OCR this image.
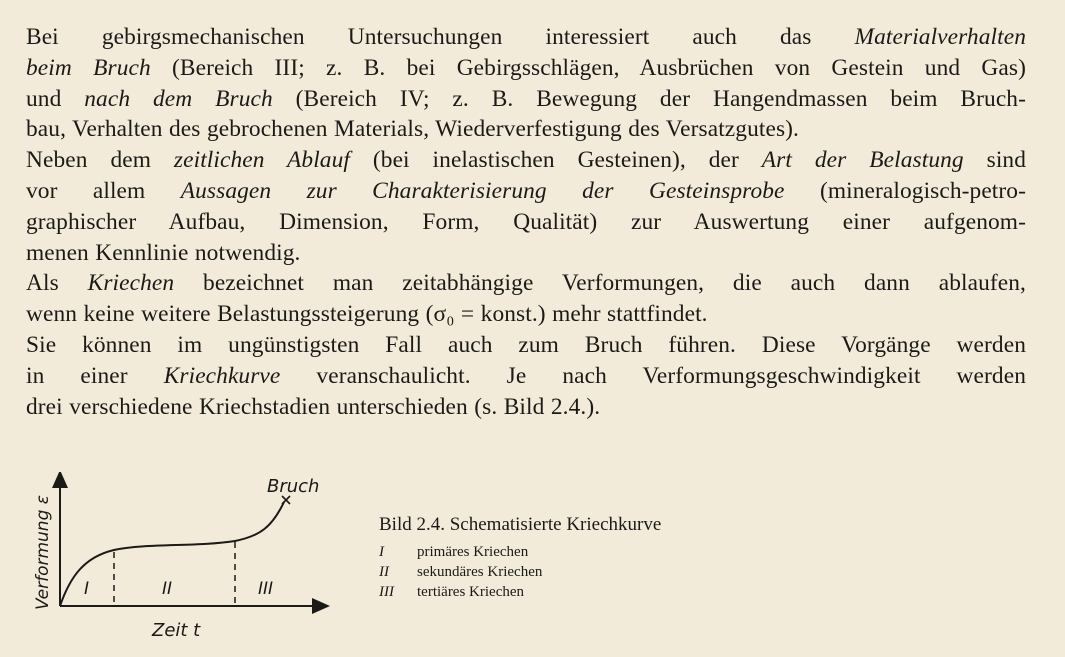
Bei gebirgsmechanischen Untersuchungen interessiert auch das Materialverhalten
beim Bruch (Bereich III; z. B. bei Gebirgsschlägen, Ausbrüchen von Gestein und Gas)
und nach dem Bruch (Bereich IV; z. B. Bewegung der Hangendmassen beim Bruch-
bau, Verhalten des gebrochenen Materials, Wiederverfestigung des Versatzgutes).
Neben dem zeitlichen Ablauf (bei inelastischen Gesteinen), der Art der Belastung sind
vor allem Aussagen zur Charakterisierung der Gesteinsprobe (mineralogisch-petro-
graphischer Aufbau, Dimension, Form, Qualität) zur Auswertung einer aufgenom-
menen Kennlinie notwendig.
Als Kriechen bezeichnet man zeitabhängige Verformungen, die auch dann ablaufen,
wenn keine weitere Belastungssteigerung (σ₀ = konst.) mehr stattfindet.
Sie können im ungünstigsten Fall auch zum Bruch führen. Diese Vorgänge werden
in einer Kriechkurve veranschaulicht. Je nach Verformungsgeschwindigkeit werden
drei verschiedene Kriechstadien unterschieden (s. Bild 2.4.).
I	II	III
Bruch
Verformung ε
Zeit t
Bild 2.4. Schematisierte Kriechkurve
I primäres Kriechen
II sekundäres Kriechen
III tertiäres Kriechen
